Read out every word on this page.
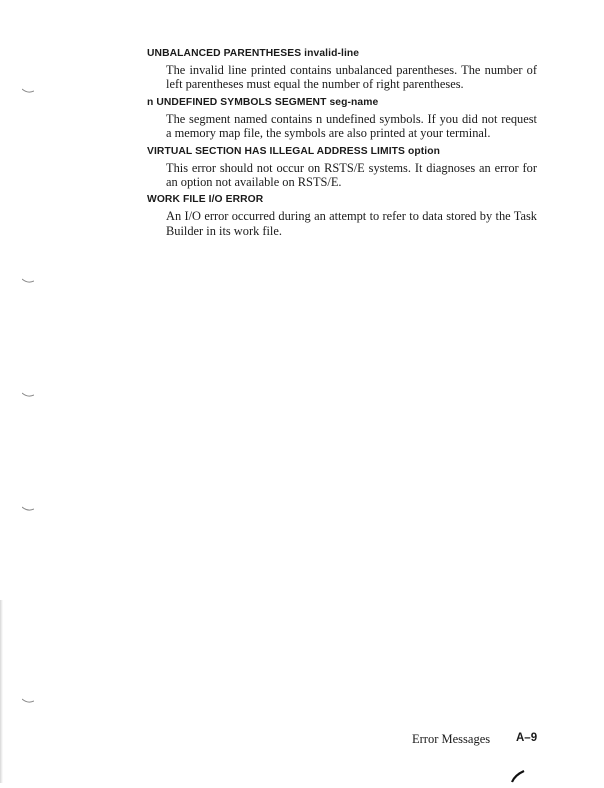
UNBALANCED PARENTHESES invalid-line
The invalid line printed contains unbalanced parentheses. The number of left parentheses must equal the number of right parentheses.
n UNDEFINED SYMBOLS SEGMENT seg-name
The segment named contains n undefined symbols. If you did not request a memory map file, the symbols are also printed at your terminal.
VIRTUAL SECTION HAS ILLEGAL ADDRESS LIMITS option
This error should not occur on RSTS/E systems. It diagnoses an error for an option not available on RSTS/E.
WORK FILE I/O ERROR
An I/O error occurred during an attempt to refer to data stored by the Task Builder in its work file.
Error Messages A–9
